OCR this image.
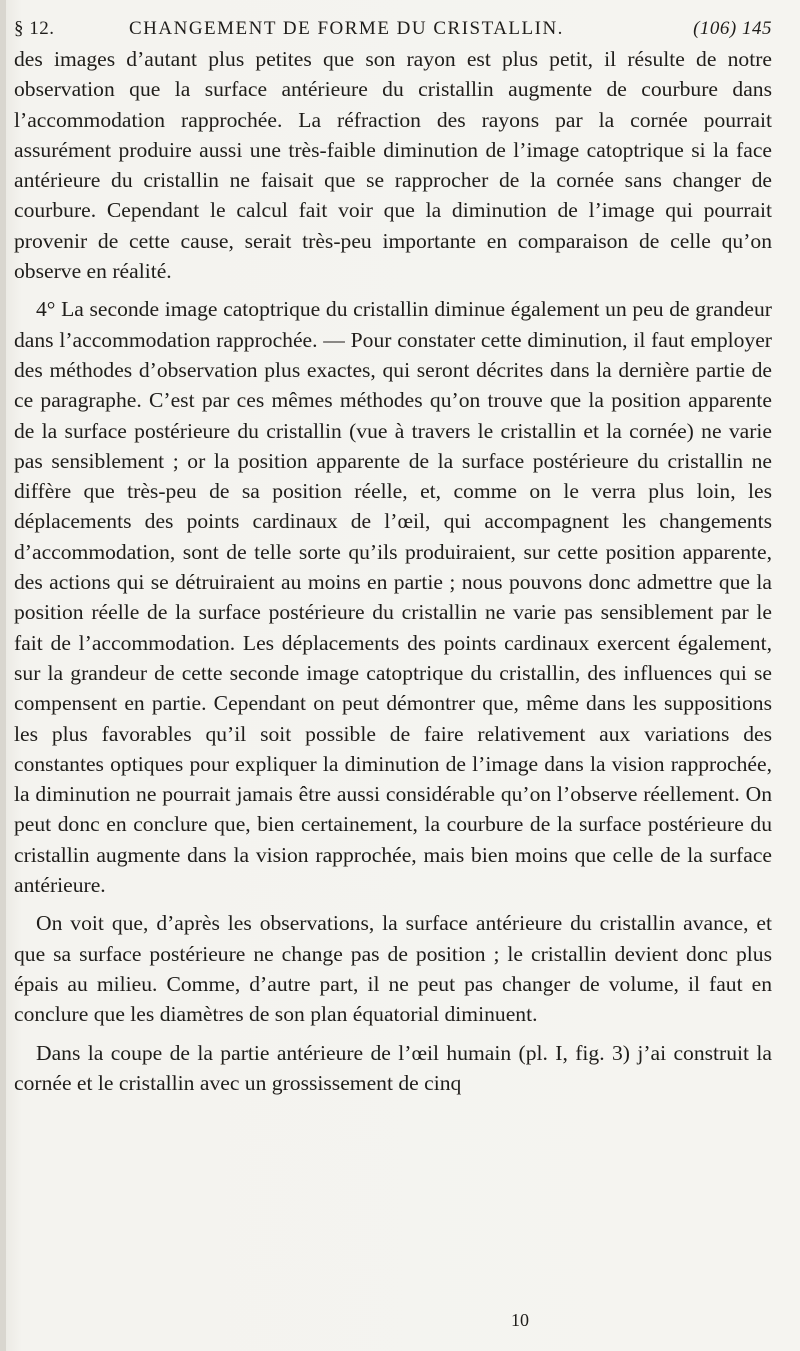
§ 12.	CHANGEMENT DE FORME DU CRISTALLIN.	(106) 145

des images d’autant plus petites que son rayon est plus petit, il résulte de notre observation que la surface antérieure du cristallin augmente de courbure dans l’accommodation rapprochée. La réfraction des rayons par la cornée pourrait assurément produire aussi une très-faible diminution de l’image catoptrique si la face antérieure du cristallin ne faisait que se rapprocher de la cornée sans changer de courbure. Cependant le calcul fait voir que la diminution de l’image qui pourrait provenir de cette cause, serait très-peu importante en comparaison de celle qu’on observe en réalité.

4° La seconde image catoptrique du cristallin diminue également un peu de grandeur dans l’accommodation rapprochée. — Pour constater cette diminution, il faut employer des méthodes d’observation plus exactes, qui seront décrites dans la dernière partie de ce paragraphe. C’est par ces mêmes méthodes qu’on trouve que la position apparente de la surface postérieure du cristallin (vue à travers le cristallin et la cornée) ne varie pas sensiblement ; or la position apparente de la surface postérieure du cristallin ne diffère que très-peu de sa position réelle, et, comme on le verra plus loin, les déplacements des points cardinaux de l’œil, qui accompagnent les changements d’accommodation, sont de telle sorte qu’ils produiraient, sur cette position apparente, des actions qui se détruiraient au moins en partie ; nous pouvons donc admettre que la position réelle de la surface postérieure du cristallin ne varie pas sensiblement par le fait de l’accommodation. Les déplacements des points cardinaux exercent également, sur la grandeur de cette seconde image catoptrique du cristallin, des influences qui se compensent en partie. Cependant on peut démontrer que, même dans les suppositions les plus favorables qu’il soit possible de faire relativement aux variations des constantes optiques pour expliquer la diminution de l’image dans la vision rapprochée, la diminution ne pourrait jamais être aussi considérable qu’on l’observe réellement. On peut donc en conclure que, bien certainement, la courbure de la surface postérieure du cristallin augmente dans la vision rapprochée, mais bien moins que celle de la surface antérieure.

On voit que, d’après les observations, la surface antérieure du cristallin avance, et que sa surface postérieure ne change pas de position ; le cristallin devient donc plus épais au milieu. Comme, d’autre part, il ne peut pas changer de volume, il faut en conclure que les diamètres de son plan équatorial diminuent.

Dans la coupe de la partie antérieure de l’œil humain (pl. I, fig. 3) j’ai construit la cornée et le cristallin avec un grossissement de cinq

10
